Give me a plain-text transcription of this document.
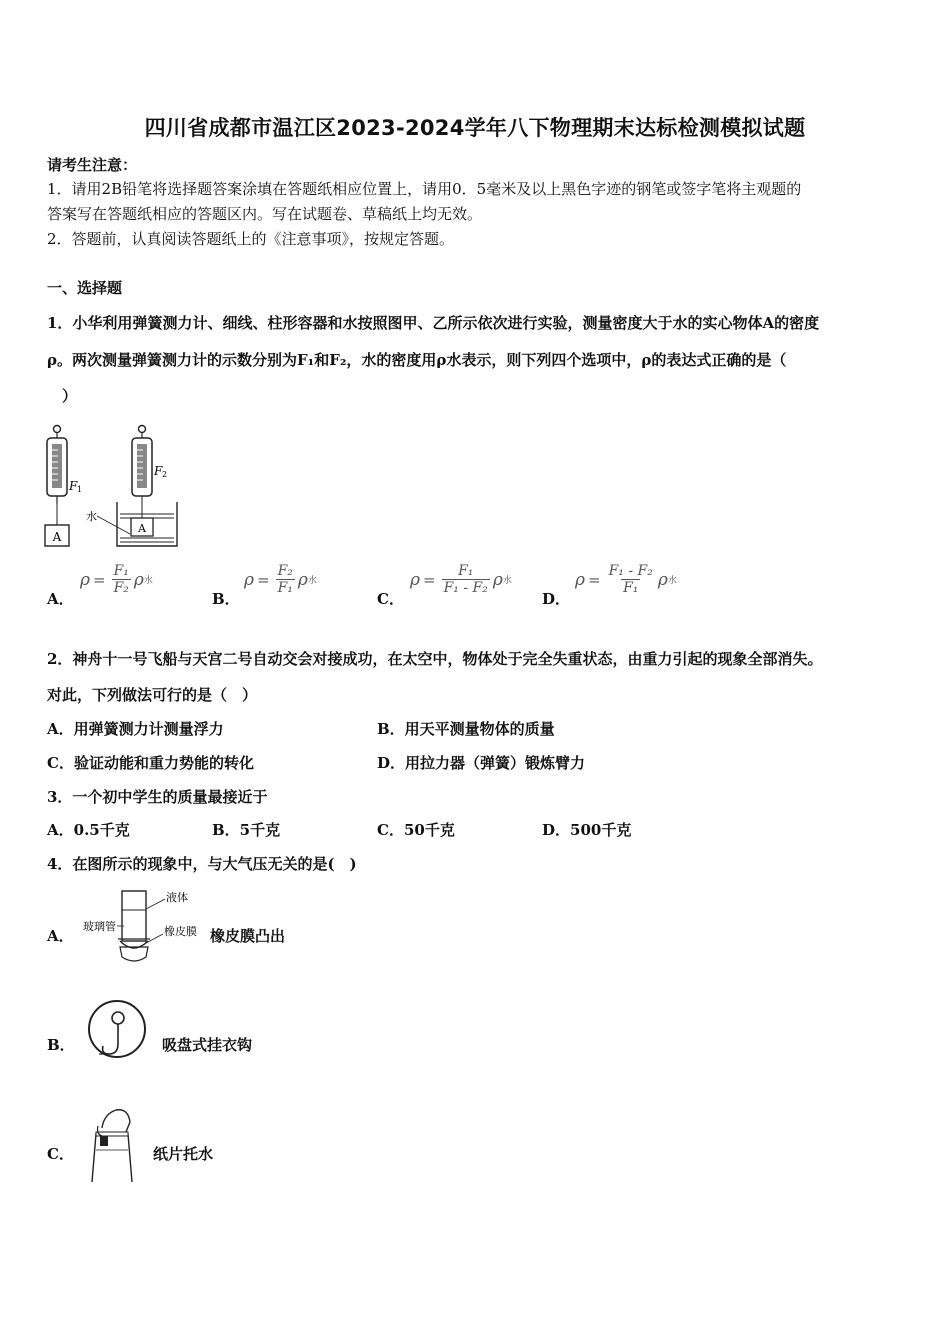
四川省成都市温江区2023-2024学年八下物理期末达标检测模拟试题
请考生注意：
1．请用2B铅笔将选择题答案涂填在答题纸相应位置上，请用0．5毫米及以上黑色字迹的钢笔或签字笔将主观题的
答案写在答题纸相应的答题区内。写在试题卷、草稿纸上均无效。
2．答题前，认真阅读答题纸上的《注意事项》，按规定答题。
一、选择题
1．小华利用弹簧测力计、细线、柱形容器和水按照图甲、乙所示依次进行实验，测量密度大于水的实心物体A的密度
ρ。两次测量弹簧测力计的示数分别为F₁和F₂，水的密度用ρ水表示，则下列四个选项中，ρ的表达式正确的是（
）
A
F 1
F 2
A
水
A．
$\rho = \frac{\text{F₁}}{\text{F₂}}$ ρ 水
B．
$\rho = \frac{\text{F₂}}{\text{F₁}}$ ρ 水
C．
$\rho = \frac{\text{F₁}}{\text{F₁ - F₂}}$ ρ 水
D．
$\rho = \frac{\text{F₁ - F₂}}{\text{F₁}}$ ρ 水
2．神舟十一号飞船与天宫二号自动交会对接成功，在太空中，物体处于完全失重状态，由重力引起的现象全部消失。
对此，下列做法可行的是（　）
A．用弹簧测力计测量浮力	B．用天平测量物体的质量
C．验证动能和重力势能的转化	D．用拉力器（弹簧）锻炼臂力
3．一个初中学生的质量最接近于
A．0.5千克	B．5千克	C．50千克	D．500千克
4．在图所示的现象中，与大气压无关的是(　)
A．
液体
玻璃管	橡皮膜 橡皮膜凸出
B．	吸盘式挂衣钩
C．	纸片托水
